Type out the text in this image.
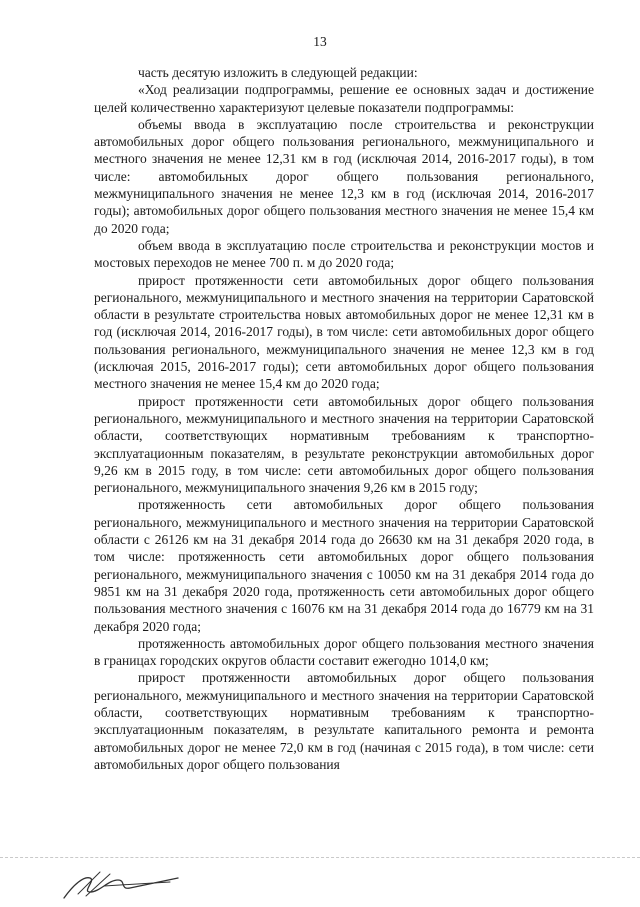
13

часть десятую изложить в следующей редакции:

«Ход реализации подпрограммы, решение ее основных задач и достижение целей количественно характеризуют целевые показатели подпрограммы:

объемы ввода в эксплуатацию после строительства и реконструкции автомобильных дорог общего пользования регионального, межмуниципального и местного значения не менее 12,31 км в год (исключая 2014, 2016-2017 годы), в том числе: автомобильных дорог общего пользования регионального, межмуниципального значения не менее 12,3 км в год (исключая 2014, 2016-2017 годы); автомобильных дорог общего пользования местного значения не менее 15,4 км до 2020 года;

объем ввода в эксплуатацию после строительства и реконструкции мостов и мостовых переходов не менее 700 п. м до 2020 года;

прирост протяженности сети автомобильных дорог общего пользования регионального, межмуниципального и местного значения на территории Саратовской области в результате строительства новых автомобильных дорог не менее 12,31 км в год (исключая 2014, 2016-2017 годы), в том числе: сети автомобильных дорог общего пользования регионального, межмуниципального значения не менее 12,3 км в год (исключая 2015, 2016-2017 годы); сети автомобильных дорог общего пользования местного значения не менее 15,4 км до 2020 года;

прирост протяженности сети автомобильных дорог общего пользования регионального, межмуниципального и местного значения на территории Саратовской области, соответствующих нормативным требованиям к транспортно-эксплуатационным показателям, в результате реконструкции автомобильных дорог 9,26 км в 2015 году, в том числе: сети автомобильных дорог общего пользования регионального, межмуниципального значения 9,26 км в 2015 году;

протяженность сети автомобильных дорог общего пользования регионального, межмуниципального и местного значения на территории Саратовской области с 26126 км на 31 декабря 2014 года до 26630 км на 31 декабря 2020 года, в том числе: протяженность сети автомобильных дорог общего пользования регионального, межмуниципального значения с 10050 км на 31 декабря 2014 года до 9851 км на 31 декабря 2020 года, протяженность сети автомобильных дорог общего пользования местного значения с 16076 км на 31 декабря 2014 года до 16779 км на 31 декабря 2020 года;

протяженность автомобильных дорог общего пользования местного значения в границах городских округов области составит ежегодно 1014,0 км;

прирост протяженности автомобильных дорог общего пользования регионального, межмуниципального и местного значения на территории Саратовской области, соответствующих нормативным требованиям к транспортно-эксплуатационным показателям, в результате капитального ремонта и ремонта автомобильных дорог не менее 72,0 км в год (начиная с 2015 года), в том числе: сети автомобильных дорог общего пользования
